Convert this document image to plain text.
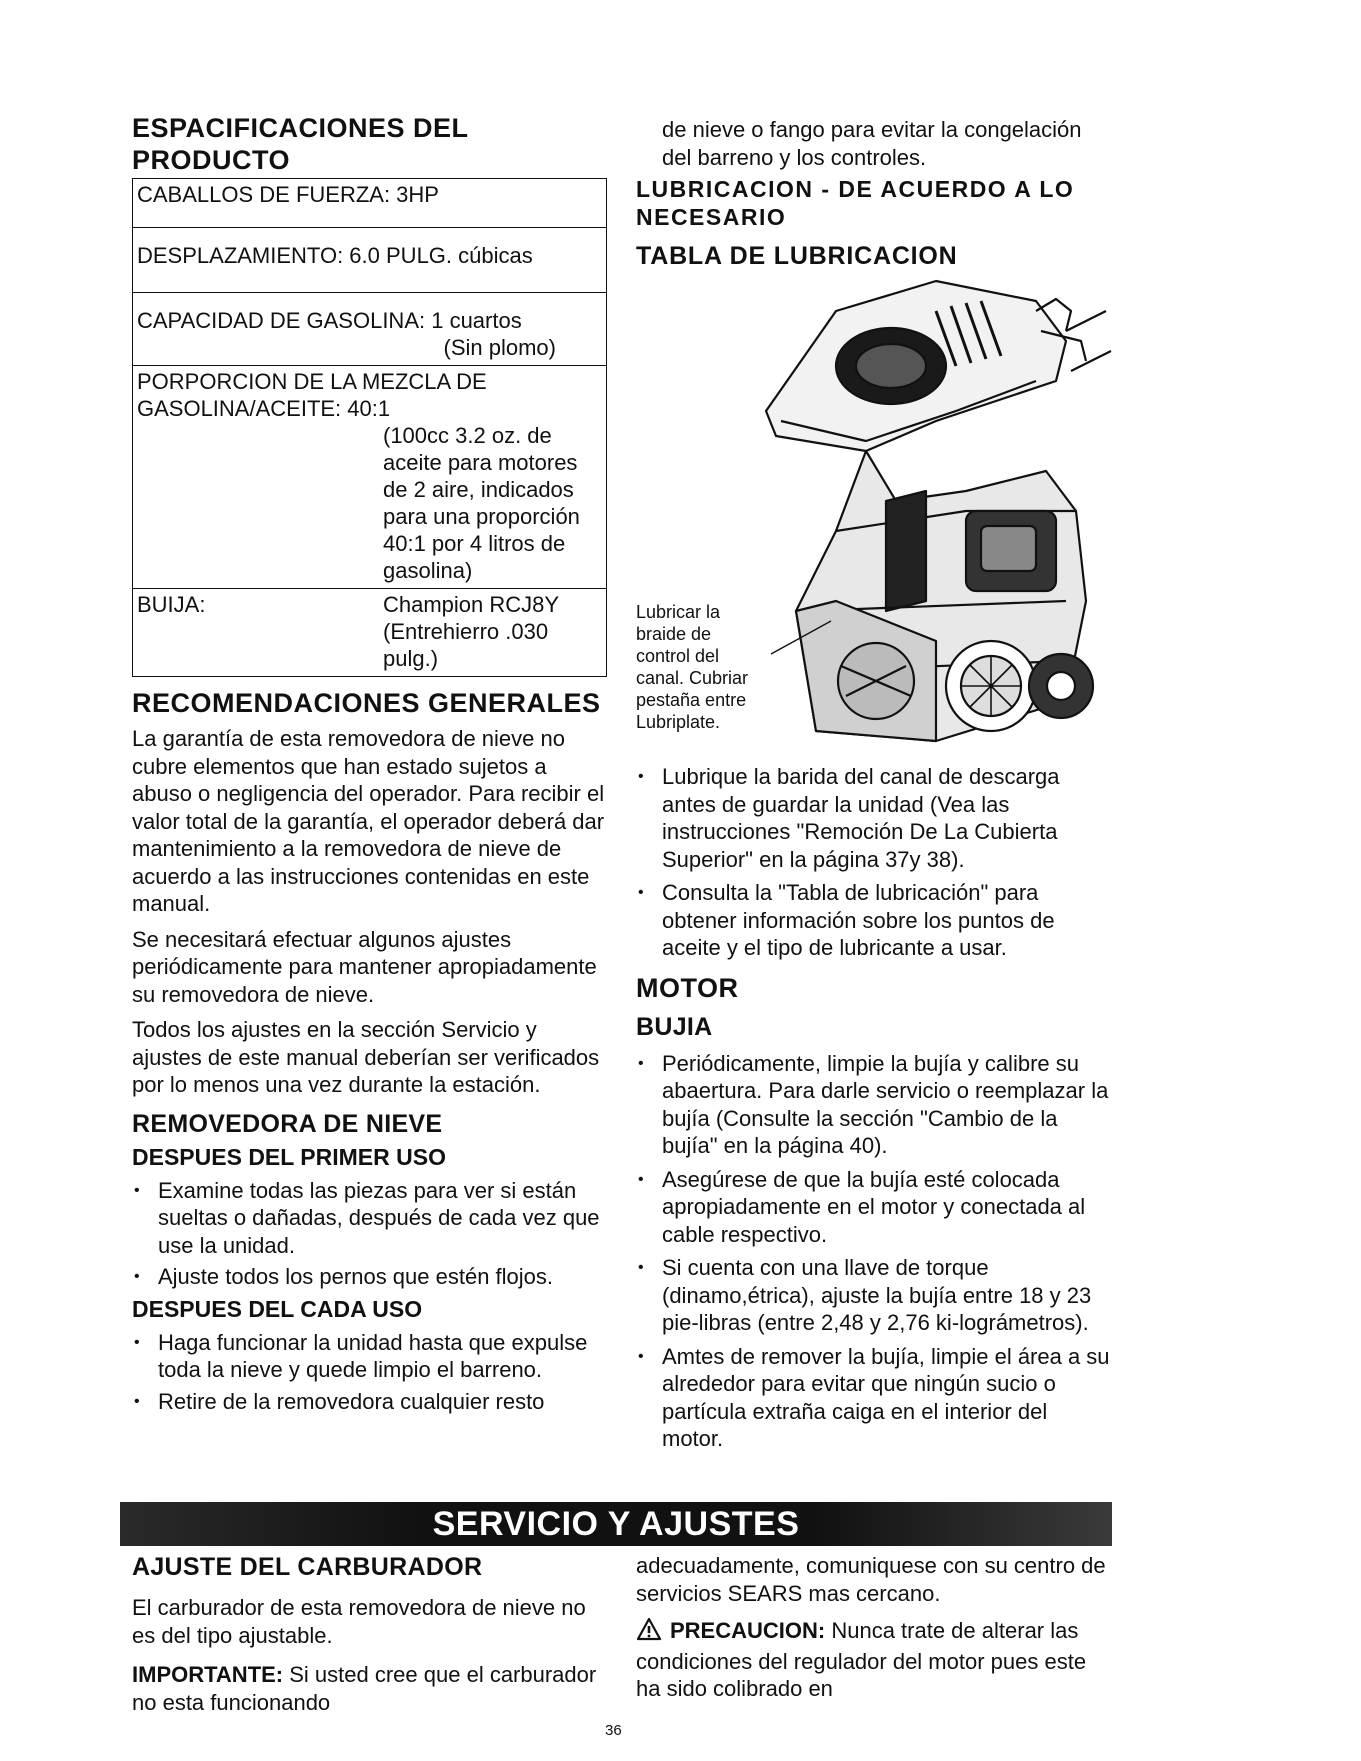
ESPACIFICACIONES DEL PRODUCTO
CABALLOS DE FUERZA: 3HP
DESPLAZAMIENTO: 6.0 PULG. cúbicas

CAPACIDAD DE GASOLINA: 1 cuartos
(Sin plomo)

PORPORCION DE LA MEZCLA DE
GASOLINA/ACEITE: 40:1
(100cc 3.2 oz. de
aceite para motores
de 2 aire, indicados
para una proporción
40:1 por 4 litros de
gasolina)

BUIJA:	Champion RCJ8Y
(Entrehierro .030
pulg.)
RECOMENDACIONES GENERALES

La garantía de esta removedora de nieve no cubre elementos que han estado sujetos a abuso o negligencia del operador. Para recibir el valor total de la garantía, el operador deberá dar mantenimiento a la removedora de nieve de acuerdo a las instrucciones contenidas en este manual.

Se necesitará efectuar algunos ajustes periódicamente para mantener apropiadamente su removedora de nieve.

Todos los ajustes en la sección Servicio y ajustes de este manual deberían ser verificados por lo menos una vez durante la estación.

REMOVEDORA DE NIEVE
DESPUES DEL PRIMER USO
• Examine todas las piezas para ver si están sueltas o dañadas, después de cada vez que use la unidad.
• Ajuste todos los pernos que estén flojos.
DESPUES DEL CADA USO
• Haga funcionar la unidad hasta que expulse toda la nieve y quede limpio el barreno.
• Retire de la removedora cualquier resto

de nieve o fango para evitar la congelación del barreno y los controles.

LUBRICACION - DE ACUERDO A LO NECESARIO
TABLA DE LUBRICACION
Lubricar la
braide de
control del
canal. Cubriar
pestaña entre
Lubriplate.
• Lubrique la barida del canal de descarga antes de guardar la unidad (Vea las instrucciones "Remoción De La Cubierta Superior" en la página 37y 38).
• Consulta la "Tabla de lubricación" para obtener información sobre los puntos de aceite y el tipo de lubricante a usar.
MOTOR
BUJIA
• Periódicamente, limpie la bujía y calibre su abaertura. Para darle servicio o reemplazar la bujía (Consulte la sección "Cambio de la bujía" en la página 40).
• Asegúrese de que la bujía esté colocada apropiadamente en el motor y conectada al cable respectivo.
• Si cuenta con una llave de torque (dinamo,étrica), ajuste la bujía entre 18 y 23 pie-libras (entre 2,48 y 2,76 ki-lográmetros).
• Amtes de remover la bujía, limpie el área a su alrededor para evitar que ningún sucio o partícula extraña caiga en el interior del motor.
SERVICIO Y AJUSTES
AJUSTE DEL CARBURADOR

El carburador de esta removedora de nieve no es del tipo ajustable.

IMPORTANTE: Si usted cree que el carburador no esta funcionando

adecuadamente, comuniquese con su centro de servicios SEARS mas cercano.

PRECAUCION: Nunca trate de alterar las condiciones del regulador del motor pues este ha sido colibrado en

36
